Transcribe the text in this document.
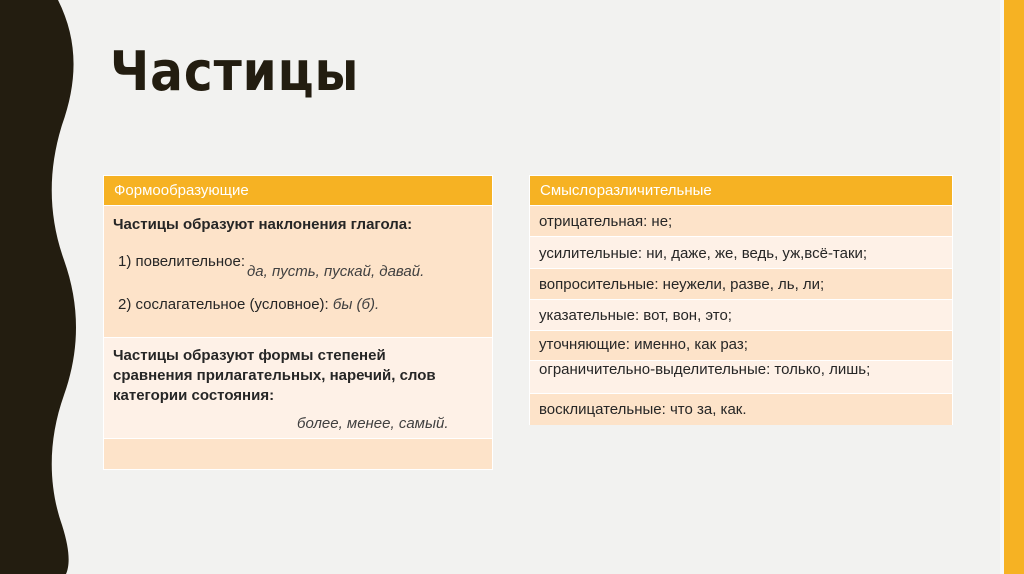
Частицы
Формообразующие
Частицы образуют наклонения глагола:
1) повелительное:да, пусть, пускай, давай.
2) сослагательное (условное): бы (б).
Частицы образуют формы степеней сравнения прилагательных, наречий, слов категории состояния:
более, менее, самый.
Смыслоразличительные
отрицательная: не;
усилительные: ни, даже, же, ведь, уж,всё-таки;
вопросительные: неужели, разве, ль, ли;
указательные: вот, вон, это;
уточняющие: именно, как раз;
ограничительно-выделительные: только, лишь;
восклицательные: что за, как.
